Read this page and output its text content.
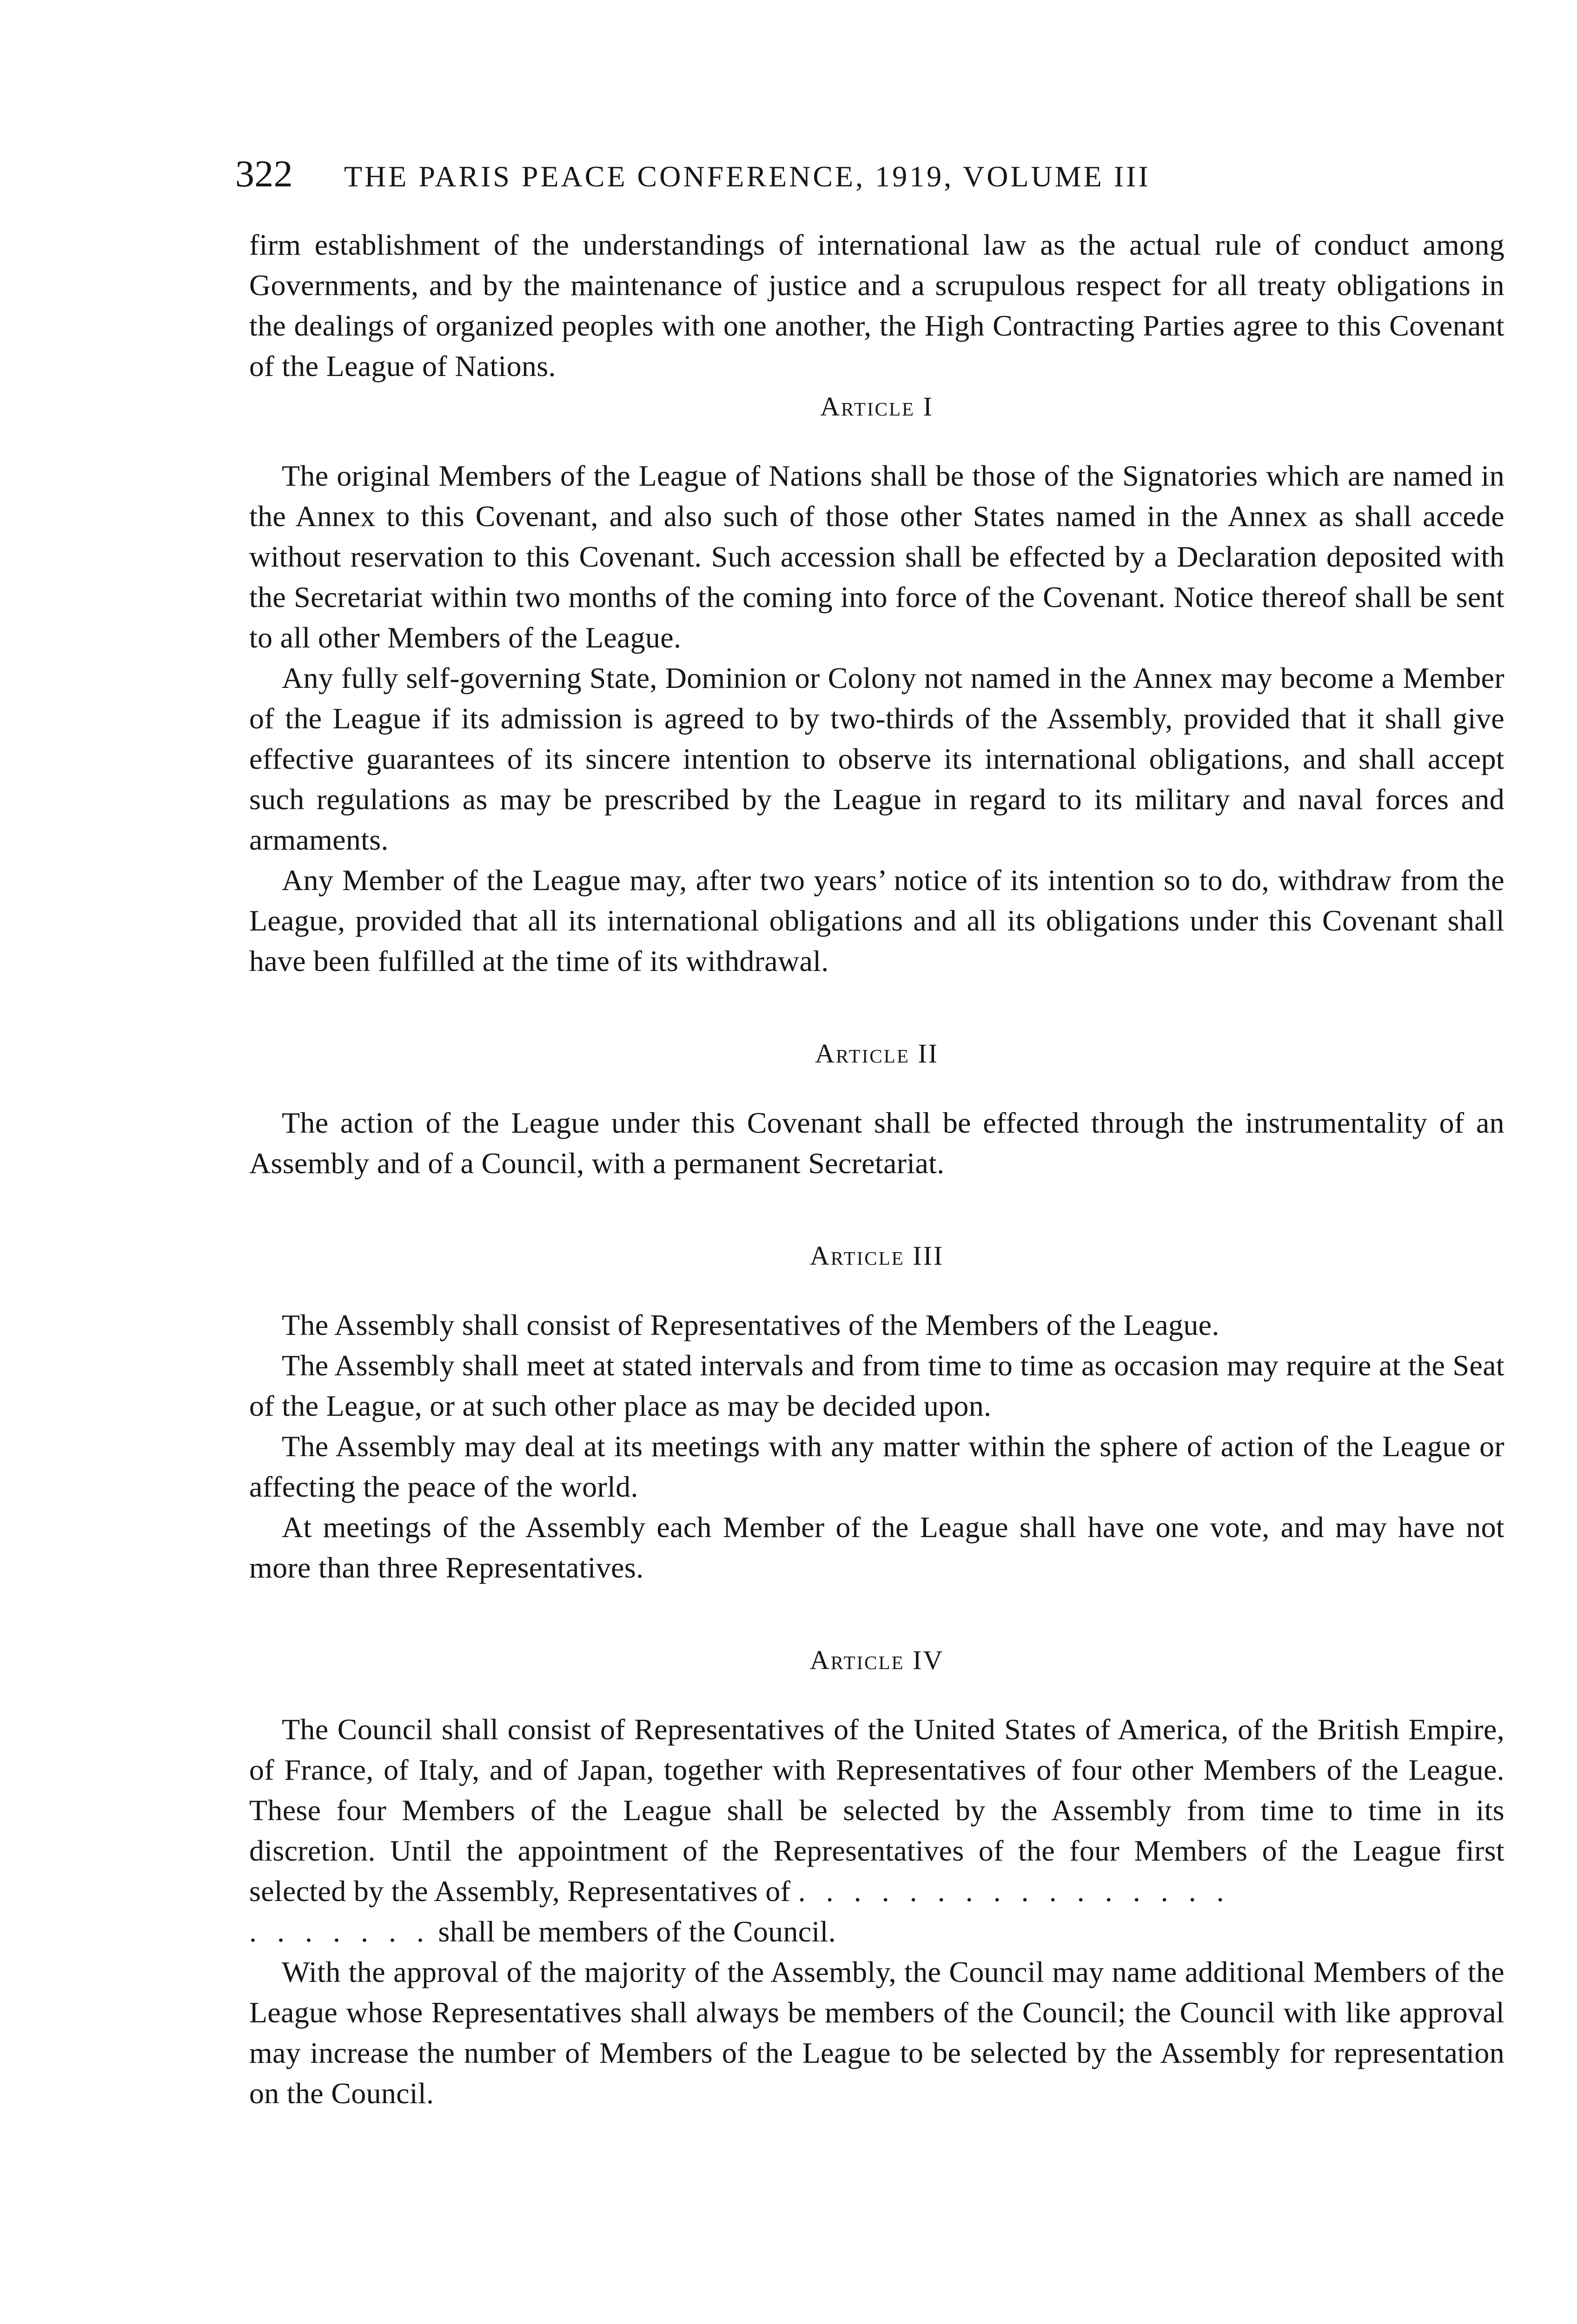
322 THE PARIS PEACE CONFERENCE, 1919, VOLUME III

firm establishment of the understandings of international law as the actual rule of conduct among Governments, and by the maintenance of justice and a scrupulous respect for all treaty obligations in the dealings of organized peoples with one another, the High Contracting Parties agree to this Covenant of the League of Nations.

Article I

The original Members of the League of Nations shall be those of the Signatories which are named in the Annex to this Covenant, and also such of those other States named in the Annex as shall accede without reservation to this Covenant. Such accession shall be effected by a Declaration deposited with the Secretariat within two months of the coming into force of the Covenant. Notice thereof shall be sent to all other Members of the League.

Any fully self-governing State, Dominion or Colony not named in the Annex may become a Member of the League if its admission is agreed to by two-thirds of the Assembly, provided that it shall give effective guarantees of its sincere intention to observe its international obligations, and shall accept such regulations as may be prescribed by the League in regard to its military and naval forces and armaments.

Any Member of the League may, after two years’ notice of its intention so to do, withdraw from the League, provided that all its international obligations and all its obligations under this Covenant shall have been fulfilled at the time of its withdrawal.

Article II

The action of the League under this Covenant shall be effected through the instrumentality of an Assembly and of a Council, with a permanent Secretariat.

Article III

The Assembly shall consist of Representatives of the Members of the League.

The Assembly shall meet at stated intervals and from time to time as occasion may require at the Seat of the League, or at such other place as may be decided upon.

The Assembly may deal at its meetings with any matter within the sphere of action of the League or affecting the peace of the world.

At meetings of the Assembly each Member of the League shall have one vote, and may have not more than three Representatives.

Article IV

The Council shall consist of Representatives of the United States of America, of the British Empire, of France, of Italy, and of Japan, together with Representatives of four other Members of the League. These four Members of the League shall be selected by the Assembly from time to time in its discretion. Until the appointment of the Representatives of the four Members of the League first selected by the Assembly, Representatives of . . . . . . . . . . . . . . . .

. . . . . . . shall be members of the Council.

With the approval of the majority of the Assembly, the Council may name additional Members of the League whose Representatives shall always be members of the Council; the Council with like approval may increase the number of Members of the League to be selected by the Assembly for representation on the Council.
